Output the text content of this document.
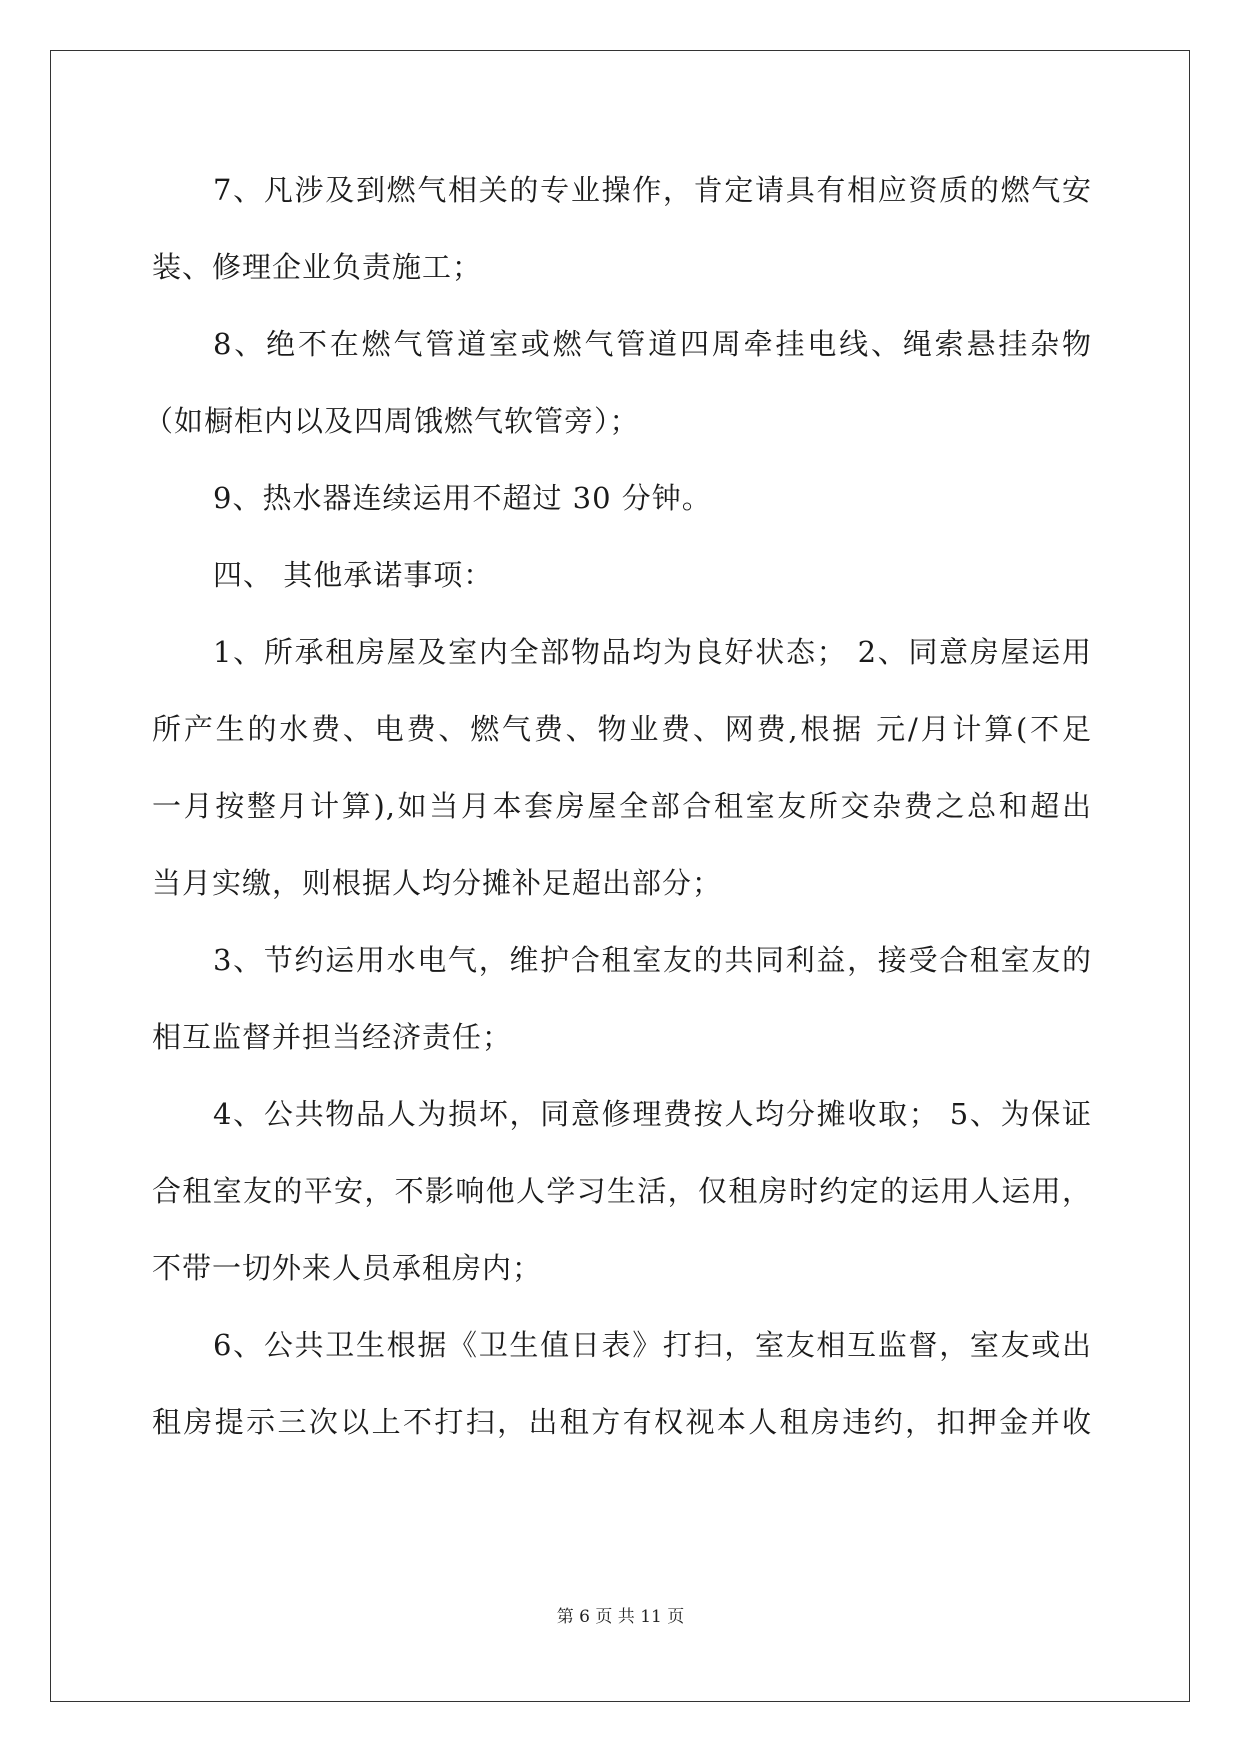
7、凡涉及到燃气相关的专业操作，肯定请具有相应资质的燃气安
装、修理企业负责施工；
8、绝不在燃气管道室或燃气管道四周牵挂电线、绳索悬挂杂物
（如橱柜内以及四周饿燃气软管旁）；
9、热水器连续运用不超过 30 分钟。
四、 其他承诺事项：
1、所承租房屋及室内全部物品均为良好状态； 2、同意房屋运用
所产生的水费、电费、燃气费、物业费、网费,根据 元/月计算(不足
一月按整月计算),如当月本套房屋全部合租室友所交杂费之总和超出
当月实缴，则根据人均分摊补足超出部分；
3、节约运用水电气，维护合租室友的共同利益，接受合租室友的
相互监督并担当经济责任；
4、公共物品人为损坏，同意修理费按人均分摊收取； 5、为保证
合租室友的平安，不影响他人学习生活，仅租房时约定的运用人运用，
不带一切外来人员承租房内；
6、公共卫生根据《卫生值日表》打扫，室友相互监督，室友或出
租房提示三次以上不打扫，出租方有权视本人租房违约，扣押金并收
第 6 页 共 11 页
